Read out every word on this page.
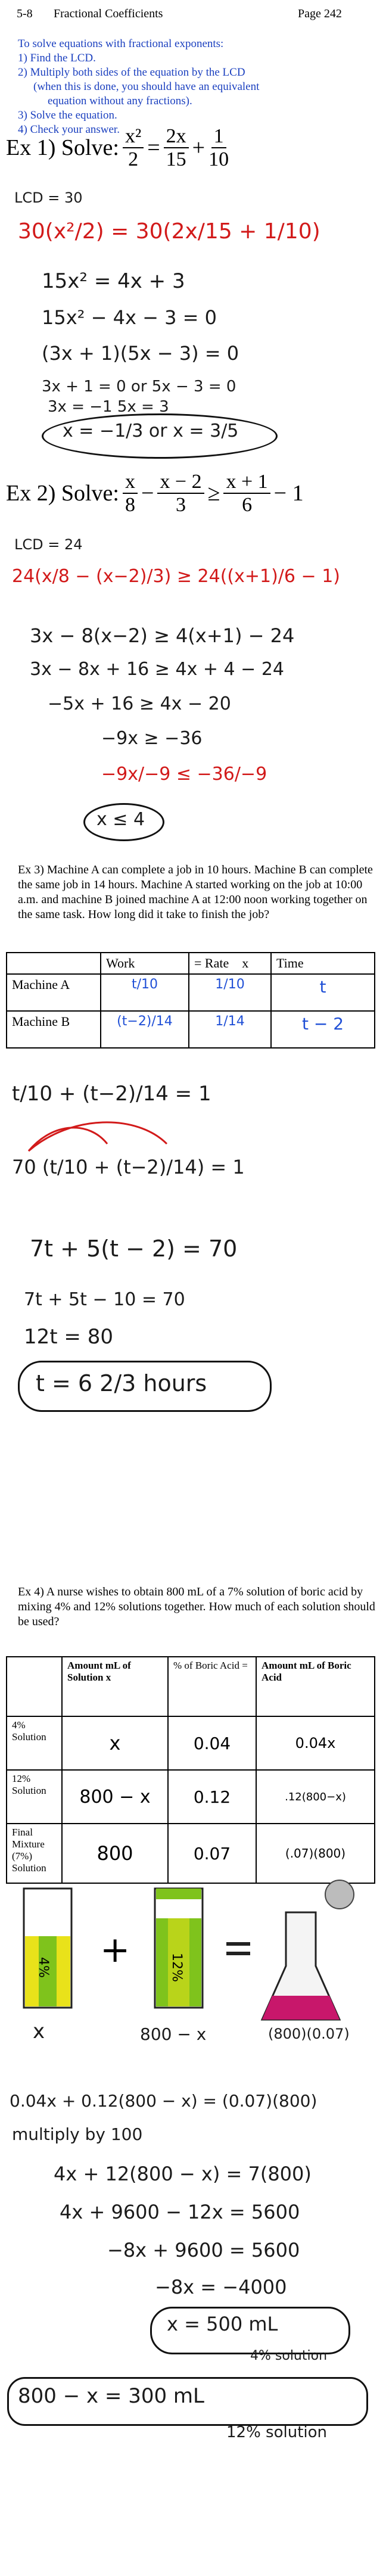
5-8 Fractional Coefficients	Page 242
To solve equations with fractional exponents:
1) Find the LCD.
2) Multiply both sides of the equation by the LCD
(when this is done, you should have an equivalent
equation without any fractions).
3) Solve the equation.
4) Check your answer.
Ex 1) Solve: $\frac{\text{x²}}{2} = \frac{2x}{15} + \frac{1}{10}$
LCD = 30
30(x²/2) = 30(2x/15 + 1/10)
15x² = 4x + 3
15x² − 4x − 3 = 0
(3x + 1)(5x − 3) = 0
3x + 1 = 0 or 5x − 3 = 0
3x = −1 5x = 3
x = −1/3 or x = 3/5
Ex 2) Solve: $\frac{x}{8} - \frac{x - 2}{3} \ge \frac{x + 1}{6} - 1$
LCD = 24
24(x/8 − (x−2)/3) ≥ 24((x+1)/6 − 1)
3x − 8(x−2) ≥ 4(x+1) − 24
3x − 8x + 16 ≥ 4x + 4 − 24
−5x + 16 ≥ 4x − 20
−9x ≥ −36
−9x/−9 ≤ −36/−9
x ≤ 4
Ex 3) Machine A can complete a job in 10 hours. Machine B can complete the same job in 14 hours. Machine A started working on the job at 10:00 a.m. and machine B joined machine A at 12:00 noon working together on the same task. How long did it take to finish the job?
	Work	= Rate x	Time
Machine A	t/10	1/10	t
Machine B	(t−2)/14	1/14	t − 2
t/10 + (t−2)/14 = 1
70 (t/10 + (t−2)/14) = 1
7t + 5(t − 2) = 70
7t + 5t − 10 = 70
12t = 80
t = 6 2/3 hours
Ex 4) A nurse wishes to obtain 800 mL of a 7% solution of boric acid by mixing 4% and 12% solutions together. How much of each solution should be used?
	Amount mL of Solution x	% of Boric Acid =	Amount mL of Boric Acid
4% Solution	x	0.04	0.04x
12% Solution	800 − x	0.12	.12(800−x)
Final Mixture (7%) Solution	800	0.07	(.07)(800)
4%	12%
+
x	800 − x	(800)(0.07)
0.04x + 0.12(800 − x) = (0.07)(800)
multiply by 100
4x + 12(800 − x) = 7(800)
4x + 9600 − 12x = 5600
−8x + 9600 = 5600
−8x = −4000
x = 500 mL
4% solution
800 − x = 300 mL
12% solution
